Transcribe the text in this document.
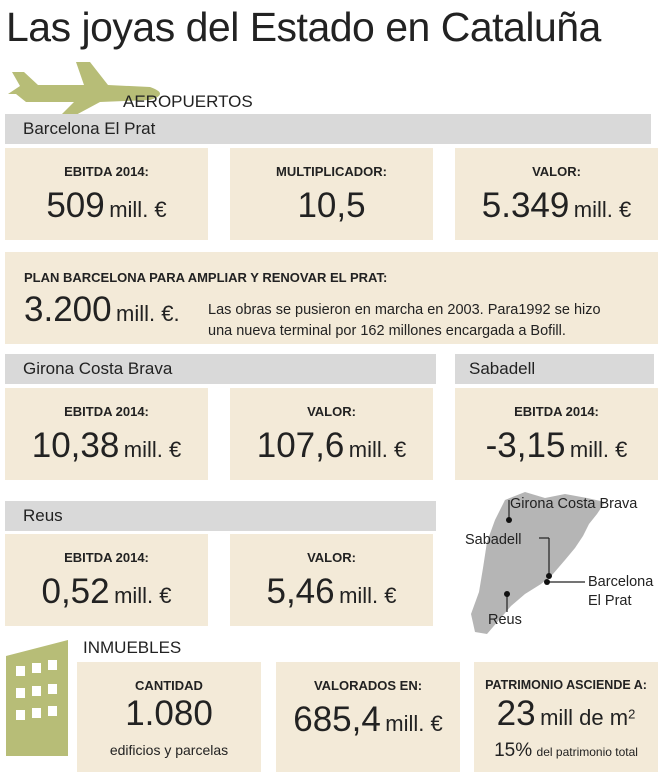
Las joyas del Estado en Cataluña
AEROPUERTOS
Barcelona El Prat
EBITDA 2014:
509 mill. €
MULTIPLICADOR:
10,5
VALOR:
5.349 mill. €
PLAN BARCELONA PARA AMPLIAR Y RENOVAR EL PRAT:
3.200 mill. €. Las obras se pusieron en marcha en 2003. Para1992 se hizo
una nueva terminal por 162 millones encargada a Bofill.
Girona Costa Brava	Sabadell
EBITDA 2014:
10,38 mill. €
VALOR:
107,6 mill. €
EBITDA 2014:
-3,15 mill. €
Reus
EBITDA 2014:
0,52 mill. €
VALOR:
5,46 mill. €
Girona Costa Brava
Sabadell
Barcelona
El Prat
Reus
INMUEBLES
CANTIDAD
1.080
edificios y parcelas
VALORADOS EN:
685,4 mill. €
PATRIMONIO ASCIENDE A:
23 mill de $m^2$
15% del patrimonio total
